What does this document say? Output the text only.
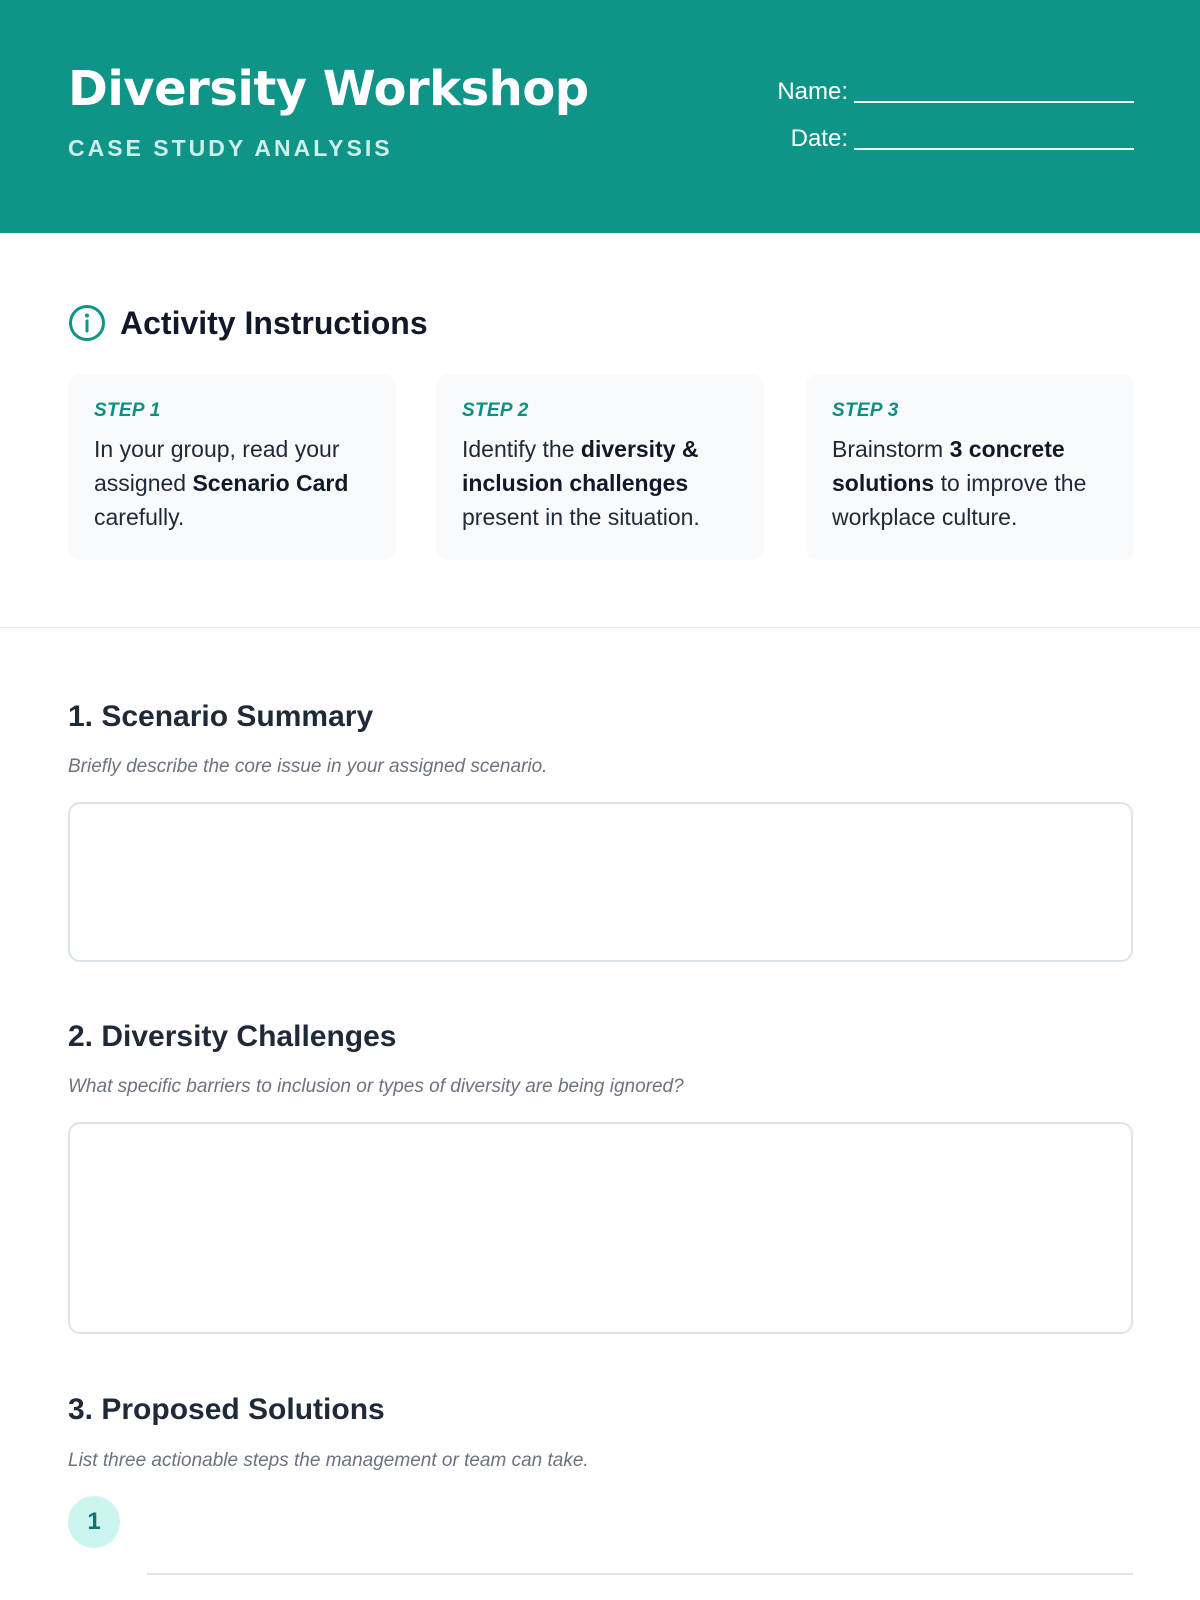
Diversity Workshop
CASE STUDY ANALYSIS
Name:
Date:
Activity Instructions
STEP 1
In your group, read your assigned Scenario Card carefully.
STEP 2
Identify the diversity & inclusion challenges present in the situation.
STEP 3
Brainstorm 3 concrete solutions to improve the workplace culture.
1. Scenario Summary
Briefly describe the core issue in your assigned scenario.
2. Diversity Challenges
What specific barriers to inclusion or types of diversity are being ignored?
3. Proposed Solutions
List three actionable steps the management or team can take.
1
